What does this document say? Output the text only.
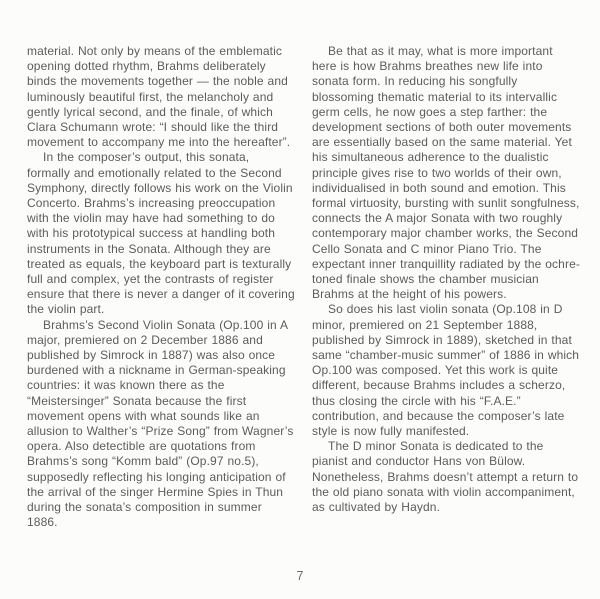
material. Not only by means of the emblematic opening dotted rhythm, Brahms deliberately binds the movements together — the noble and luminously beautiful first, the melancholy and gently lyrical second, and the finale, of which Clara Schumann wrote: “I should like the third movement to accompany me into the hereafter”.

In the composer’s output, this sonata, formally and emotionally related to the Second Symphony, directly follows his work on the Violin Concerto. Brahms’s increasing preoccupation with the violin may have had something to do with his prototypical success at handling both instruments in the Sonata. Although they are treated as equals, the keyboard part is texturally full and complex, yet the contrasts of register ensure that there is never a danger of it covering the violin part.

Brahms’s Second Violin Sonata (Op.100 in A major, premiered on 2 December 1886 and published by Simrock in 1887) was also once burdened with a nickname in German-speaking countries: it was known there as the “Meistersinger” Sonata because the first movement opens with what sounds like an allusion to Walther’s “Prize Song” from Wagner’s opera. Also detectible are quotations from Brahms’s song “Komm bald” (Op.97 no.5), supposedly reflecting his longing anticipation of the arrival of the singer Hermine Spies in Thun during the sonata’s composition in summer 1886.

Be that as it may, what is more important here is how Brahms breathes new life into sonata form. In reducing his songfully blossoming thematic material to its intervallic germ cells, he now goes a step farther: the development sections of both outer movements are essentially based on the same material. Yet his simultaneous adherence to the dualistic principle gives rise to two worlds of their own, individualised in both sound and emotion. This formal virtuosity, bursting with sunlit songfulness, connects the A major Sonata with two roughly contemporary major chamber works, the Second Cello Sonata and C minor Piano Trio. The expectant inner tranquillity radiated by the ochre-toned finale shows the chamber musician Brahms at the height of his powers.

So does his last violin sonata (Op.108 in D minor, premiered on 21 September 1888, published by Simrock in 1889), sketched in that same “chamber-music summer” of 1886 in which Op.100 was composed. Yet this work is quite different, because Brahms includes a scherzo, thus closing the circle with his “F.A.E.” contribution, and because the composer’s late style is now fully manifested.

The D minor Sonata is dedicated to the pianist and conductor Hans von Bülow. Nonetheless, Brahms doesn’t attempt a return to the old piano sonata with violin accompaniment, as cultivated by Haydn.

7
